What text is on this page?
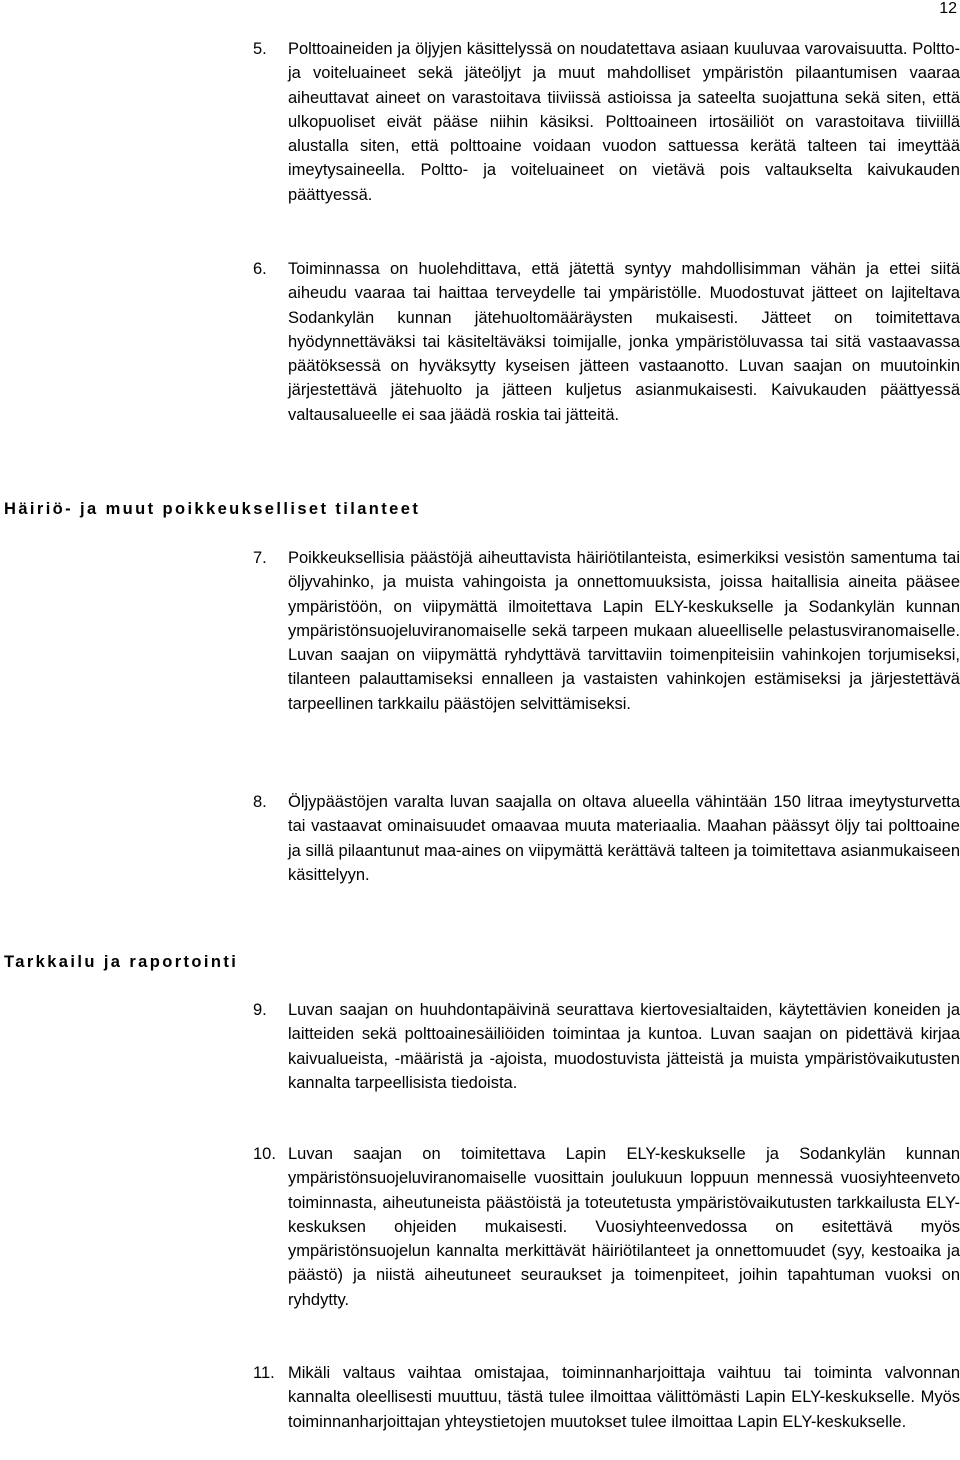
12
5. Polttoaineiden ja öljyjen käsittelyssä on noudatettava asiaan kuuluvaa varovaisuutta. Poltto- ja voiteluaineet sekä jäteöljyt ja muut mahdolliset ympäristön pilaantumisen vaaraa aiheuttavat aineet on varastoitava tiiviissä astioissa ja sateelta suojattuna sekä siten, että ulkopuoliset eivät pääse niihin käsiksi. Polttoaineen irtosäiliöt on varastoitava tiiviillä alustalla siten, että polttoaine voidaan vuodon sattuessa kerätä talteen tai imeyttää imeytysaineella. Poltto- ja voiteluaineet on vietävä pois valtaukselta kaivukauden päättyessä.
6. Toiminnassa on huolehdittava, että jätettä syntyy mahdollisimman vähän ja ettei siitä aiheudu vaaraa tai haittaa terveydelle tai ympäristölle. Muodostuvat jätteet on lajiteltava Sodankylän kunnan jätehuoltomääräysten mukaisesti. Jätteet on toimitettava hyödynnettäväksi tai käsiteltäväksi toimijalle, jonka ympäristöluvassa tai sitä vastaavassa päätöksessä on hyväksytty kyseisen jätteen vastaanotto. Luvan saajan on muutoinkin järjestettävä jätehuolto ja jätteen kuljetus asianmukaisesti. Kaivukauden päättyessä valtausalueelle ei saa jäädä roskia tai jätteitä.
Häiriö- ja muut poikkeukselliset tilanteet
7. Poikkeuksellisia päästöjä aiheuttavista häiriötilanteista, esimerkiksi vesistön samentuma tai öljyvahinko, ja muista vahingoista ja onnettomuuksista, joissa haitallisia aineita pääsee ympäristöön, on viipymättä ilmoitettava Lapin ELY-keskukselle ja Sodankylän kunnan ympäristönsuojeluviranomaiselle sekä tarpeen mukaan alueelliselle pelastusviranomaiselle. Luvan saajan on viipymättä ryhdyttävä tarvittaviin toimenpiteisiin vahinkojen torjumiseksi, tilanteen palauttamiseksi ennalleen ja vastaisten vahinkojen estämiseksi ja järjestettävä tarpeellinen tarkkailu päästöjen selvittämiseksi.
8. Öljypäästöjen varalta luvan saajalla on oltava alueella vähintään 150 litraa imeytysturvetta tai vastaavat ominaisuudet omaavaa muuta materiaalia. Maahan päässyt öljy tai polttoaine ja sillä pilaantunut maa-aines on viipymättä kerättävä talteen ja toimitettava asianmukaiseen käsittelyyn.
Tarkkailu ja raportointi
9. Luvan saajan on huuhdontapäivinä seurattava kiertovesialtaiden, käytettävien koneiden ja laitteiden sekä polttoainesäiliöiden toimintaa ja kuntoa. Luvan saajan on pidettävä kirjaa kaivualueista, -määristä ja -ajoista, muodostuvista jätteistä ja muista ympäristövaikutusten kannalta tarpeellisista tiedoista.
10. Luvan saajan on toimitettava Lapin ELY-keskukselle ja Sodankylän kunnan ympäristönsuojeluviranomaiselle vuosittain joulukuun loppuun mennessä vuosiyhteenveto toiminnasta, aiheutuneista päästöistä ja toteutetusta ympäristövaikutusten tarkkailusta ELY-keskuksen ohjeiden mukaisesti. Vuosiyhteenvedossa on esitettävä myös ympäristönsuojelun kannalta merkittävät häiriötilanteet ja onnettomuudet (syy, kestoaika ja päästö) ja niistä aiheutuneet seuraukset ja toimenpiteet, joihin tapahtuman vuoksi on ryhdytty.
11. Mikäli valtaus vaihtaa omistajaa, toiminnanharjoittaja vaihtuu tai toiminta valvonnan kannalta oleellisesti muuttuu, tästä tulee ilmoittaa välittömästi Lapin ELY-keskukselle. Myös toiminnanharjoittajan yhteystietojen muutokset tulee ilmoittaa Lapin ELY-keskukselle.
